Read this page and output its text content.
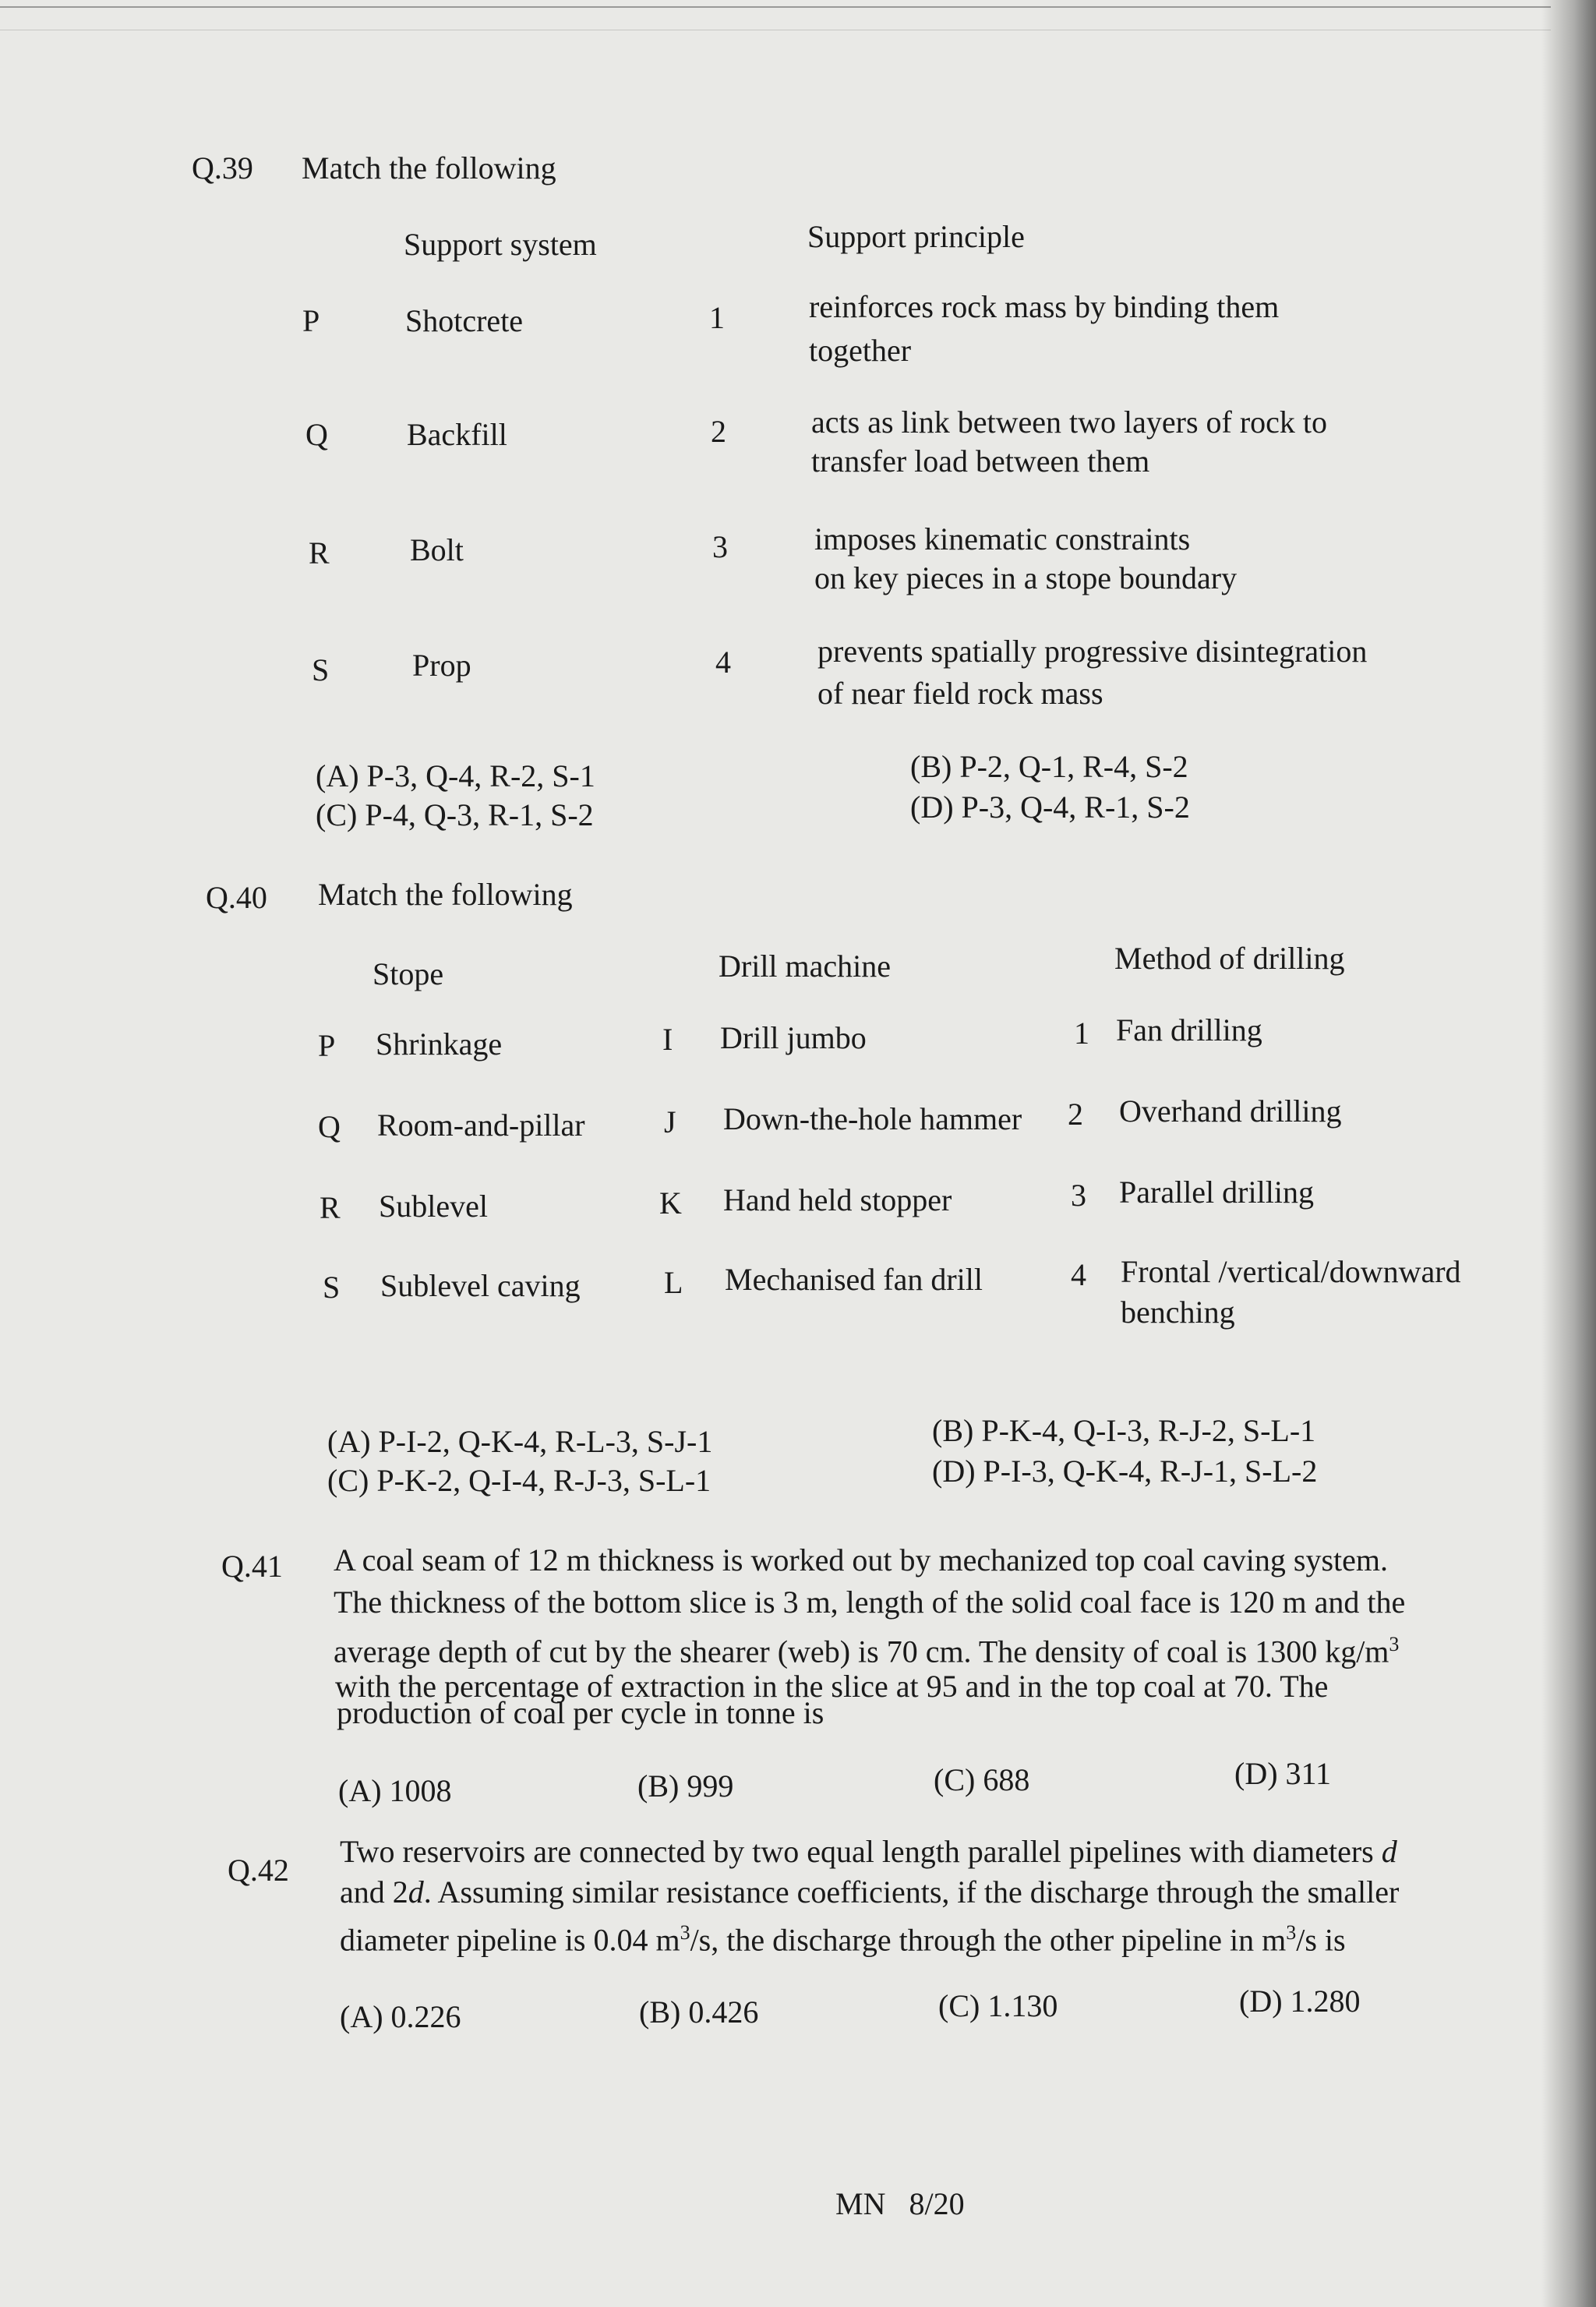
Q.39 Match the following
Support system	Support principle
P	Shotcrete	1	reinforces rock mass by binding them
together
Q	Backfill	2	acts as link between two layers of rock to
transfer load between them
R	Bolt	3	imposes kinematic constraints
on key pieces in a stope boundary
S	Prop	4	prevents spatially progressive disintegration
of near field rock mass
(A) P-3, Q-4, R-2, S-1	(B) P-2, Q-1, R-4, S-2
(C) P-4, Q-3, R-1, S-2	(D) P-3, Q-4, R-1, S-2
Q.40 Match the following
Stope	Drill machine	Method of drilling
P Shrinkage	I Drill jumbo	1 Fan drilling
Q Room-and-pillar	J Down-the-hole hammer 2 Overhand drilling
R Sublevel	K Hand held stopper	3 Parallel drilling
S Sublevel caving	L Mechanised fan drill	4 Frontal /vertical/downward
benching
(A) P-I-2, Q-K-4, R-L-3, S-J-1	(B) P-K-4, Q-I-3, R-J-2, S-L-1
(C) P-K-2, Q-I-4, R-J-3, S-L-1	(D) P-I-3, Q-K-4, R-J-1, S-L-2
Q.41 A coal seam of 12 m thickness is worked out by mechanized top coal caving system.
The thickness of the bottom slice is 3 m, length of the solid coal face is 120 m and the
average depth of cut by the shearer (web) is 70 cm. The density of coal is 1300 $kg/m^3$
with the percentage of extraction in the slice at 95 and in the top coal at 70. The
production of coal per cycle in tonne is
(A) 1008	(B) 999	(C) 688	(D) 311
Q.42
Two reservoirs are connected by two equal length parallel pipelines with diameters d
and 2d. Assuming similar resistance coefficients, if the discharge through the smaller
diameter pipeline is 0.04 $m^3/s$, the discharge through the other pipeline in $m^3/s$ is
(A) 0.226	(B) 0.426	(C) 1.130	(D) 1.280
MN   8/20
